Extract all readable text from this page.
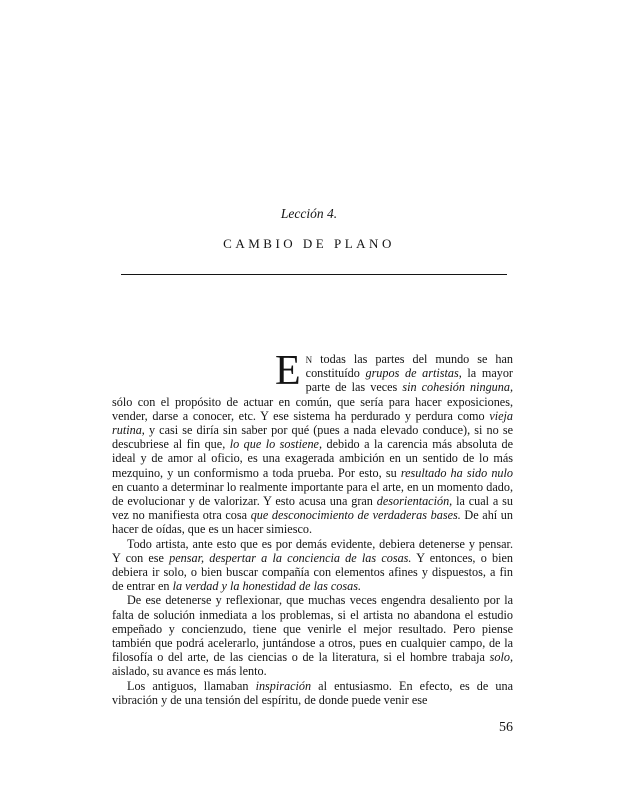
Lección 4.
CAMBIO DE PLANO

En todas las partes del mundo se han constituído grupos de artistas, la mayor parte de las veces sin cohesión ninguna, sólo con el propósito de actuar en común, que sería para hacer exposiciones, vender, darse a conocer, etc. Y ese sistema ha perdurado y perdura como vieja rutina, y casi se diría sin saber por qué (pues a nada elevado conduce), si no se descubriese al fin que, lo que lo sostiene, debido a la carencia más absoluta de ideal y de amor al oficio, es una exagerada ambición en un sentido de lo más mezquino, y un conformismo a toda prueba. Por esto, su resultado ha sido nulo en cuanto a determinar lo realmente importante para el arte, en un momento dado, de evolucionar y de valorizar. Y esto acusa una gran desorientación, la cual a su vez no manifiesta otra cosa que desconocimiento de verdaderas bases. De ahí un hacer de oídas, que es un hacer simiesco.

Todo artista, ante esto que es por demás evidente, debiera detenerse y pensar. Y con ese pensar, despertar a la conciencia de las cosas. Y entonces, o bien debiera ir solo, o bien buscar compañía con elementos afines y dispuestos, a fin de entrar en la verdad y la honestidad de las cosas.

De ese detenerse y reflexionar, que muchas veces engendra desaliento por la falta de solución inmediata a los problemas, si el artista no abandona el estudio empeñado y concienzudo, tiene que venirle el mejor resultado. Pero piense también que podrá acelerarlo, juntándose a otros, pues en cualquier campo, de la filosofía o del arte, de las ciencias o de la literatura, si el hombre trabaja solo, aislado, su avance es más lento.

Los antiguos, llamaban inspiración al entusiasmo. En efecto, es de una vibración y de una tensión del espíritu, de donde puede venir ese

56
